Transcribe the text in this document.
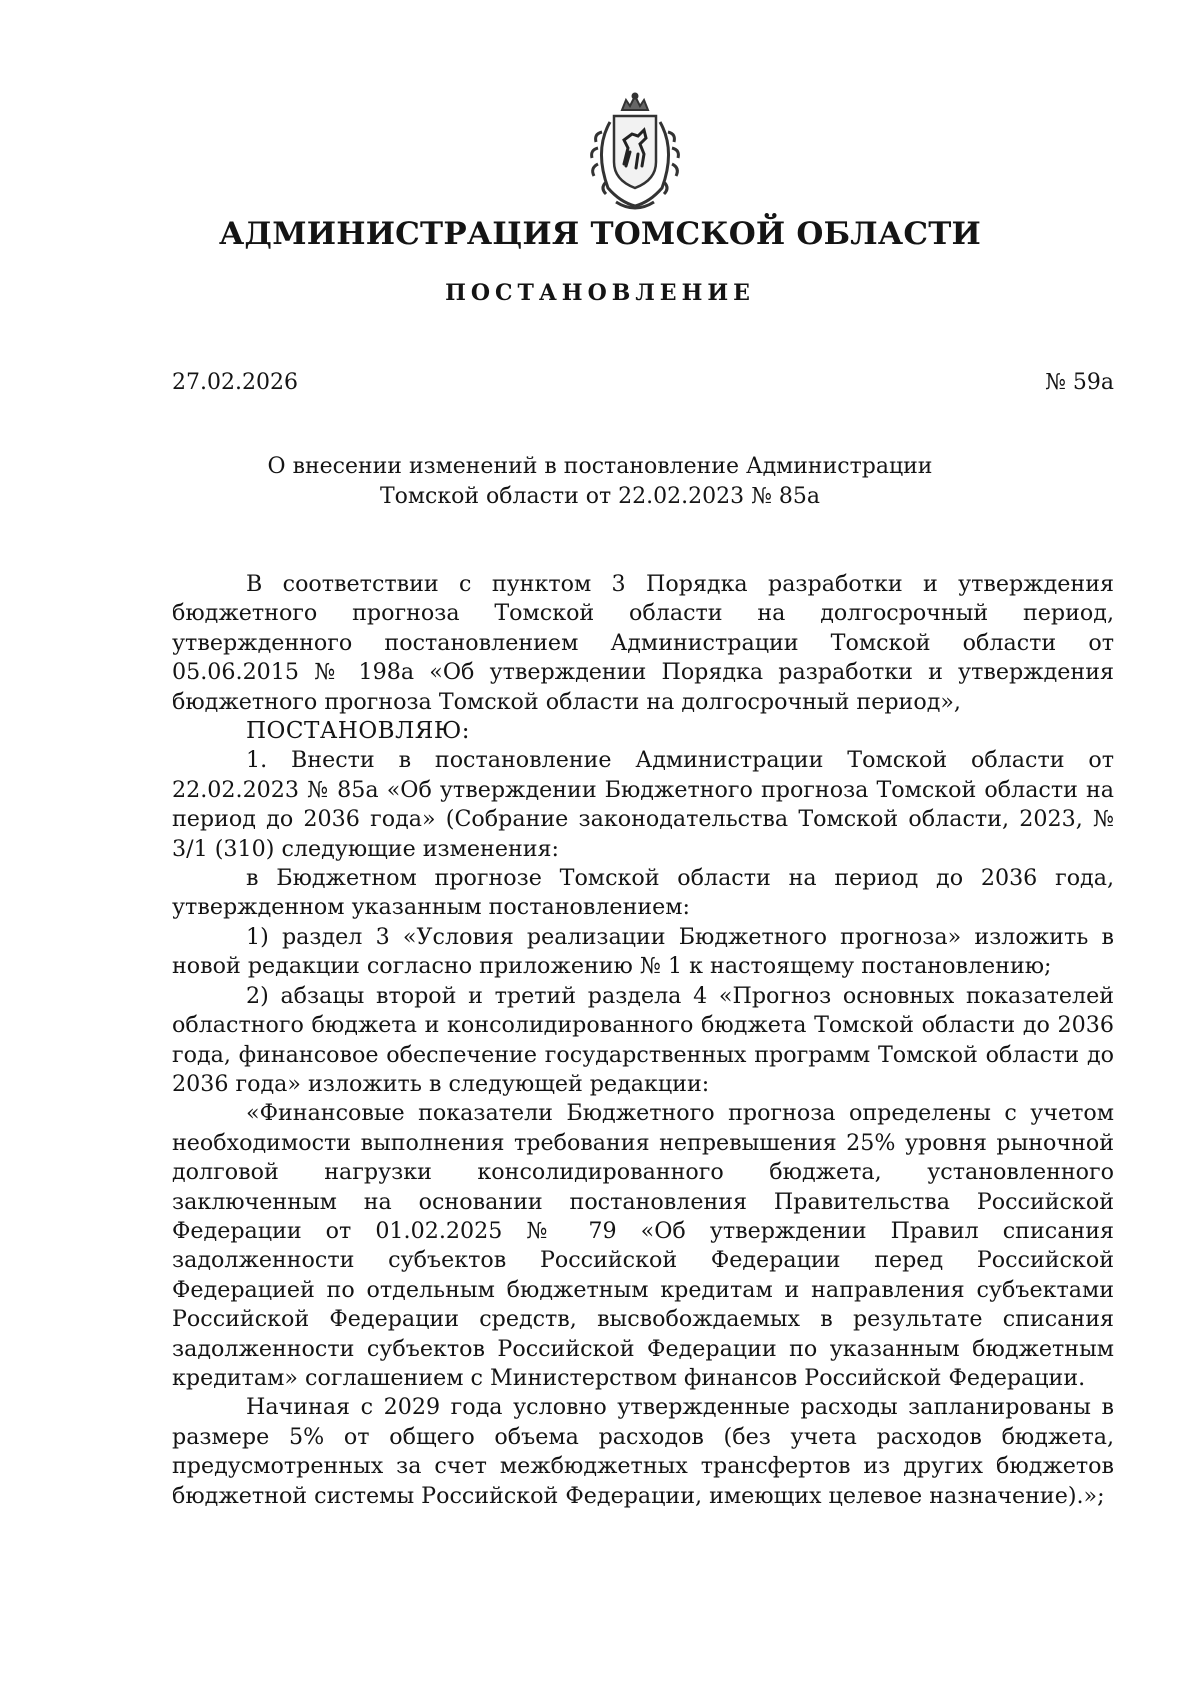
АДМИНИСТРАЦИЯ ТОМСКОЙ ОБЛАСТИ
ПОСТАНОВЛЕНИЕ
27.02.2026	№ 59а
О внесении изменений в постановление Администрации
Томской области от 22.02.2023 № 85а

В соответствии с пунктом 3 Порядка разработки и утверждения бюджетного прогноза Томской области на долгосрочный период, утвержденного постановлением Администрации Томской области от 05.06.2015 № 198а «Об утверждении Порядка разработки и утверждения бюджетного прогноза Томской области на долгосрочный период»,

ПОСТАНОВЛЯЮ:

1. Внести в постановление Администрации Томской области от 22.02.2023 № 85а «Об утверждении Бюджетного прогноза Томской области на период до 2036 года» (Собрание законодательства Томской области, 2023, № 3/1 (310) следующие изменения:

в Бюджетном прогнозе Томской области на период до 2036 года, утвержденном указанным постановлением:

1) раздел 3 «Условия реализации Бюджетного прогноза» изложить в новой редакции согласно приложению № 1 к настоящему постановлению;

2) абзацы второй и третий раздела 4 «Прогноз основных показателей областного бюджета и консолидированного бюджета Томской области до 2036 года, финансовое обеспечение государственных программ Томской области до 2036 года» изложить в следующей редакции:

«Финансовые показатели Бюджетного прогноза определены с учетом необходимости выполнения требования непревышения 25% уровня рыночной долговой нагрузки консолидированного бюджета, установленного заключенным на основании постановления Правительства Российской Федерации от 01.02.2025 № 79 «Об утверждении Правил списания задолженности субъектов Российской Федерации перед Российской Федерацией по отдельным бюджетным кредитам и направления субъектами Российской Федерации средств, высвобождаемых в результате списания задолженности субъектов Российской Федерации по указанным бюджетным кредитам» соглашением с Министерством финансов Российской Федерации.

Начиная с 2029 года условно утвержденные расходы запланированы в размере 5% от общего объема расходов (без учета расходов бюджета, предусмотренных за счет межбюджетных трансфертов из других бюджетов бюджетной системы Российской Федерации, имеющих целевое назначение).»;
